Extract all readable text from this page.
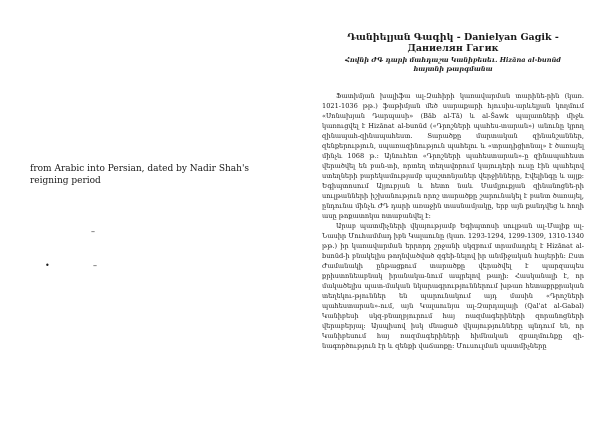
from Arabic into Persian, dated by Nadir Shah's reigning period
–
•	–

Դանիելյան Գագիկ - Danielyan Gagik -

Даниелян Гагик

Հովնի ԺԳ դարի մահդաշա Կանիբեսեւ. Hizāna al-bunūd

հայտնի թարգմանա

Ֆատիմյան խալիֆա ալ-Զահիրի կառավարման տարինե-րին (կառ. 1021-1036 թթ.) ֆաթիմյան մեծ սարաքարի հյուսիս-արևելյան կողմում «Սոնախյան Դարպասի» (Bāb al-Tā) և al-Šawk պալատների միջև կառուցվել է Hizānat al-bunūd («Դրոշների պահես-տարան») անունը կրող զինապահ-զինապահեստ. Տարածքը մարտական զինանշաններ, զենքերություն, սպառազինություն պահելու և «տրադիցիոնալ» է ծառայել մինչև 1068 թ.: Այնուհետ «Դրոշների պահեստարան»-ը զինապահեստ վերածվել են բան-տի, որտեղ տեղավորում կայուդերի ուսը էին պահելով ստեղների բարեկամությամբ պաշտոնյաներ վերջինները, Էվելինգը և այլք: Եգիպտոսում Այյուբյան և հետո նաև Մամլյուքյան զինանոցնե-րի սուլթանների իշխանություն որոշ տարածքը շարունակել է բանտ ծառայել, ընդունա մինչև ԺԴ դարի առաջին տասնամյակը, երբ այն քանդվեց և հողի ասը թոքատոկա ոտաբանվել է:

Արաբ պատմիչների վկայությամբ Եգիպտոսի սուլթան ալ-Մալիք ալ-Նասիր Մուհամմադ իբն Կալաունը (կառ. 1293-1294, 1299-1309, 1310-1340 թթ.) իր կառավարման երրորդ շրջանի սկզբում տրամադրել է Hizānat al-bunūd-ի բնակելիս թողնվածված զգեի-նելով իր անմիջական հայերին: Ըստ Ժամանակի ընթացքում տարածքը վերածվել է պարզապես քրիստոնեաբնակ իրանակա-նում ապրելով թաղի: Հասկանալի է, որ մակածելիս պատ-մական նկարագրություններում խթառ հետաքրքրական տեղեկու-թյուններ են պարունակում այդ մասին «Դրոշների պահեստարան»-ում, այն Կալաունյա ալ-Զարդալայի (Qal'at al-Gabal) Կանիբեսի սկզ-բնաղբյուրում հայ ռազմագերիների զորանոցների վերաբերյալ: Այսպիսով իսկ մնացած վկայությունները պնդում են, որ Կանիբեսում հայ ռազմագերիների հիմնական զբաղմունքը զի-նագործություն էր և զենքի վաճառքը: Մուսուլման պատմիչները
